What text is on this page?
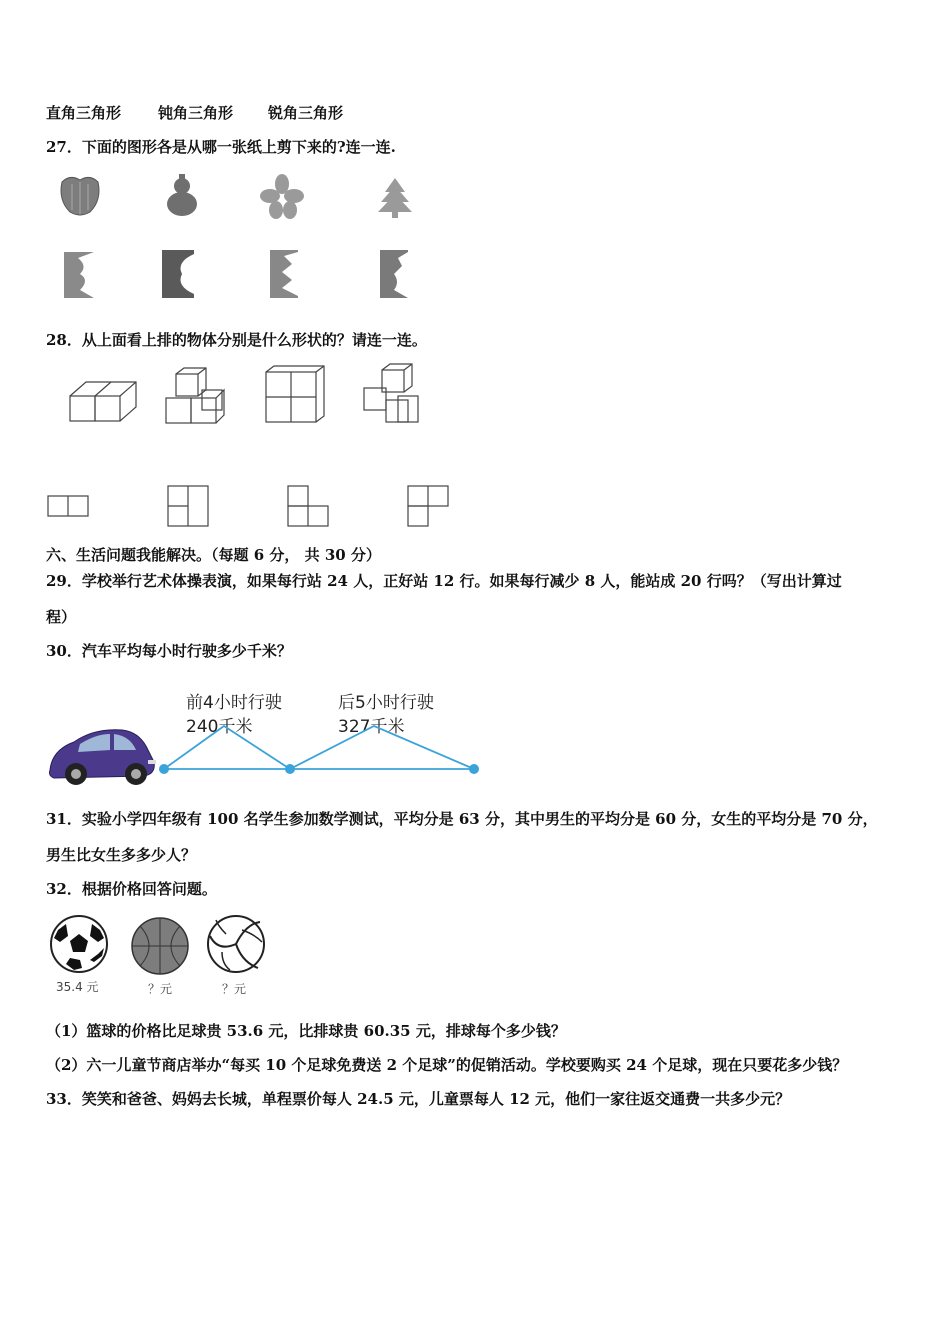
直角三角形 钝角三角形 锐角三角形
27．下面的图形各是从哪一张纸上剪下来的?连一连.
28．从上面看上排的物体分别是什么形状的？请连一连。
六、生活问题我能解决。（每题 6 分， 共 30 分）
29．学校举行艺术体操表演，如果每行站 24 人，正好站 12 行。如果每行减少 8 人，能站成 20 行吗？（写出计算过
程）
30．汽车平均每小时行驶多少千米？
前4小时行驶
240千米
后5小时行驶
327千米
31．实验小学四年级有 100 名学生参加数学测试，平均分是 63 分，其中男生的平均分是 60 分，女生的平均分是 70 分，
男生比女生多多少人？
32．根据价格回答问题。
35.4 元	？元	？元
（1）篮球的价格比足球贵 53.6 元，比排球贵 60.35 元，排球每个多少钱？
（2）六一儿童节商店举办“每买 10 个足球免费送 2 个足球”的促销活动。学校要购买 24 个足球，现在只要花多少钱？
33．笑笑和爸爸、妈妈去长城，单程票价每人 24.5 元，儿童票每人 12 元，他们一家往返交通费一共多少元？
